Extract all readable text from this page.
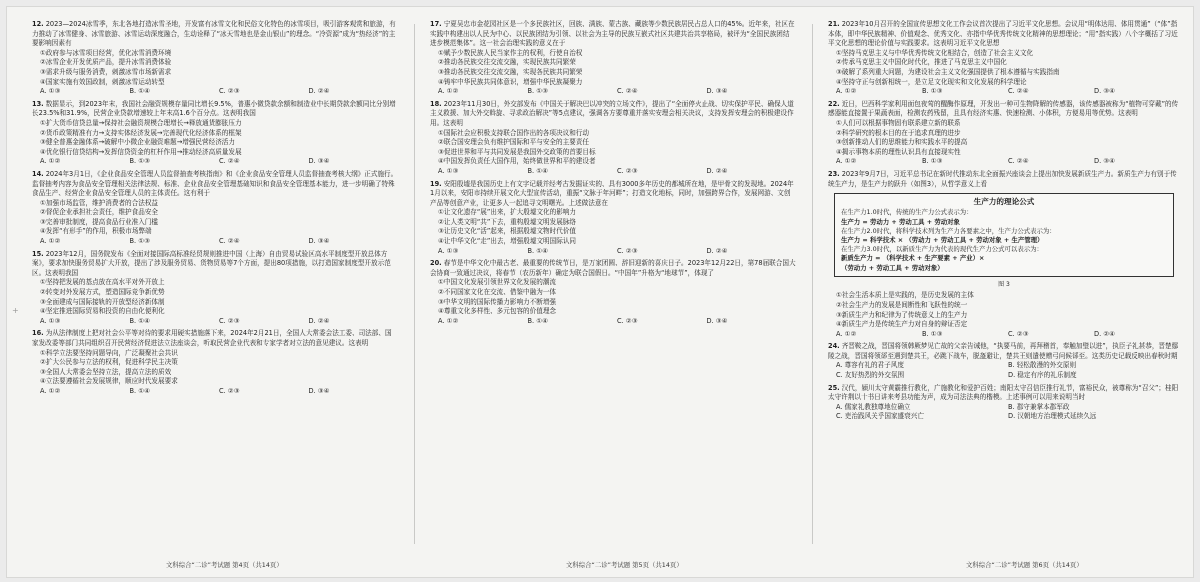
+

12. 2023—2024冰雪季，东北各地打造冰雪圣地，开发富有冰雪文化和民俗文化特色的冰雪项目，吸引游客观赏和旅游，有力推动了冰雪健身、冰雪旅游、冰雪运动深度融合，生动诠释了“冰天雪地也是金山银山”的理念。“冷资源”成为“热经济”的主要影响因素有

①政府参与冰雪项目经营，优化冰雪消费环境

②冰雪企业开发优质产品，提升冰雪消费体验

③需求升级与服务消费，刺激冰雪市场新需求

④国家实施有效国政制，刺激冰雪运动转型

A. ①③	B. ①④	C. ②③	D. ②④

13. 数据显示，到2023年末，我国社会融资规模存量同比增长9.5%，普惠小微贷款余额和制造业中长期贷款余额同比分别增长23.5%和31.9%，民营企业贷款增速较上年末高1.6个百分点。这表明我国

①扩大货币信贷总量→保持社会融资规模合理增长→释放通货膨胀压力

②货币政策精准有力→支持实体经济发展→完善现代化经济体系的框架

③健全普惠金融体系→破解中小微企业融资难题→增强民营经济活力

④优化银行信贷结构→发挥信贷资金的杠杆作用→推动经济高质量发展

A. ①②	B. ①③	C. ②④	D. ③④

14. 2024年3月1日，《企业食品安全管理人员监督抽查考核指南》和《企业食品安全管理人员监督抽查考核大纲》正式施行。监督抽考内容为食品安全管理相关法律法规、标准、企业食品安全管理基础知识和食品安全管理基本能力，进一步明确了特殊食品生产、经营企业食品安全管理人员的主体责任。这有利于

①加强市场监管，维护消费者的合法权益

②督促企业承担社会责任，维护食品安全

③完善审批制度，提高食品行业准入门槛

④发挥“有形手”的作用，积极市场弊端

A. ①②	B. ①③	C. ②④	D. ③④

15. 2023年12月，国务院发布《全面对接国际高标准经贸规则推进中国（上海）自由贸易试验区高水平制度型开放总体方案》，要求加快服务贸易扩大开放，提出了涉及服务贸易、货物贸易等7个方面，提出80项措施，以打造国家制度型开放示范区。这表明我国

①坚持把发展的基点放在高水平对外开放上

②转变对外发展方式，塑造国际竞争新优势

③全面建成与国际接轨的开放型经济新体制

④坚定推进国际贸易和投资的自由化便利化

A. ①③	B. ①④	C. ②③	D. ②④

16. 为从法律制度上把对社会公平等对待的要求用硬实措施落下来，2024年2月21日，全国人大常委会法工委、司法部、国家发改委等部门共同组织召开民营经济促进法立法座谈会，听取民营企业代表和专家学者对立法的意见建议。这表明

①科学立法要坚持问题导向，广泛凝聚社会共识

②扩大公民参与立法的权利，促进科学民主决策

③全国人大常委会坚持立法，提高立法的质效

④立法要遵循社会发展规律，顺应时代发展要求

A. ①②	B. ①④	C. ②③	D. ③④

17. 宁夏吴忠市金花园社区是一个多民族社区，回族、满族、蒙古族、藏族等少数民族居民占总人口的45%。近年来，社区在实践中构建出以人民为中心、以民族团结为引领、以社会为主导的民族互嵌式社区共建共治共享格局，被评为“全国民族团结进步模范集体”。这一社会治理实践的意义在于

①赋予少数民族人民当家作主的权利，行使自治权

②推动各民族交往交流交融，实现民族共同繁荣

③推动各民族交往交流交融，实现各民族共同繁荣

④铸牢中华民族共同体意识，增强中华民族凝聚力

A. ①②	B. ①③	C. ②④	D. ③④

18. 2023年11月30日，外交部发布《中国关于解决巴以冲突的立场文件》，提出了“全面停火止战、切实保护平民、确保人道主义救援、加大外交斡旋、寻求政治解决”等5点建议，强调各方要尊重并落实安理会相关决议，支持发挥安理会的积极建设作用。这表明

①国际社会应积极支持联合国作出的各项决议和行动

②联合国安理会负有维护国际和平与安全的主要责任

③促进世界和平与共同发展是我国外交政策的首要目标

④中国发挥负责任大国作用，始终做世界和平的建设者

A. ①③	B. ①④	C. ②③	D. ②④

19. 安阳殷墟是我国历史上有文字记载并经考古发掘证实的、具有3000多年历史的都城所在地，是甲骨文的发现地。2024年1月以来，安阳市持续开展文化大型宣传活动，重振“文脉于年河畔”；打造文化地标，同时，加强跨界合作，发展网游、文创产品等创意产业，让更多人一起追寻文明曙光。上述做法意在

①让文化遗存“展”出来，扩大殷墟文化的影响力

②让人类文明“共”下去，重构殷墟文明发展脉络

③让历史文化“活”起来，根据殷墟文物时代价值

④让中华文化“走”出去，增强殷墟文明国际认同

A. ①③	B. ①④	C. ②③	D. ②④

20. 春节是中华文化中最古老、最重要的传统节日，是万家团圆、辞旧迎新的喜庆日子。2023年12月22日，第78届联合国大会协商一致通过决议，将春节（农历新年）确定为联合国假日。“中国年”升格为“地球节”，体现了

①中国文化发展引领世界文化发展的潮流

②不同国家文化在交流、借鉴中融为一体

③中华文明的国际传播力影响力不断增强

④尊重文化多样性、多元包容的价值理念

A. ①②	B. ①④	C. ②③	D. ③④

21. 2023年10月召开的全国宣传思想文化工作会议首次提出了习近平文化思想。会议用“明体达用、体用贯通”（“体”指本体，即中华民族精神、价值观念、优秀文化、亦指中华优秀传统文化精神的思想理论；“用”指实践）八个字概括了习近平文化思想的理论价值与实践要求。这表明习近平文化思想

①坚持马克思主义与中华优秀传统文化相结合，创造了社会主义文化

②传承马克思主义中国化时代化，推进了马克思主义中国化

③破解了系列重大问题，为建设社会主义文化强国提供了根本遵循与实践指南

④坚持守正与创新相统一，是立足文化现实和文化发展的科学理论

A. ①②	B. ①③	C. ②④	D. ③④

22. 近日，巴西科学家利用面包夜莺的醒酶作原理，开发出一种可生物降解的传感器，该传感器被称为“植物可穿戴”的传感器能直接置于果蔬表面，检测农药残留，且具有经济实惠、快速检测、小体积，方便易用等优势。这表明

①人们可以根据事物固有联系建立新的联系

②科学研究的根本目的在于追求真理的进步

③创新推动人们的思维能力和实践水平的提高

④揭示事物本质的理性认识具有直接现实性

A. ①②	B. ①③	C. ②④	D. ③④

23. 2023年9月7日，习近平总书记在新时代推动东北全面振兴座谈会上提出加快发展新质生产力。新质生产力有别于传统生产力，是生产力的跃升（如图3），从哲学意义上看

生产力的理论公式

在生产力1.0时代，传统的生产力公式表示为：

生产力 = 劳动力 + 劳动工具 + 劳动对象

在生产力2.0时代，将科学技术列为生产力各要素之中，生产力公式表示为：

生产力 = 科学技术 × （劳动力 + 劳动工具 + 劳动对象 + 生产管理）

在生产力3.0时代，以新质生产力为代表的现代生产力公式可以表示为：

新质生产力 = （科学技术 + 生产要素 + 产业）×

（劳动力 + 劳动工具 + 劳动对象）

图 3

①社会生活本质上是实践的，是历史发展的主体

②社会生产力的发展是间断性和飞跃性的统一

③新质生产力和纪律为了传统意义上的生产力

④新质生产力是传统生产力对自身的辩证否定

A. ①②	B. ①③	C. ②③	D. ②④

24. 齐晋鞍之战，晋国将领韩厥梦见亡故的父亲告诫他，“执要马前，再拜稽首，奉触加璧以进”，执臣子礼甚恭，晋楚鄢陵之战，晋国将领郤至遇到楚共王，必跳下战车，脱盔避让，楚共王则遣使赠弓问候郤至。这类历史记载反映出春秋时期

A. 尊容有礼的君子风度	B. 轻松散漫的外交原则
C. 友好热烈的外交氛围	D. 稳定有序的礼乐制度

25. 汉代，颍川太守黄霸推行教化，广施教化和爱护百姓；南阳太守召信臣推行礼节，富裕民众，被尊称为“召父”；桂阳太守许荆以十书日讲来考县功能为声，成为司法法典的楷模。上述事例可以用来说明当时

A. 儒家礼教独尊地位确立	B. 郡守兼掌本郡军政
C. 吏治践风关乎国家盛衰兴亡	D. 汉朝地方治理模式延续久远
文科综合“二诊”考试题 第4页（共14页）	文科综合“二诊”考试题 第5页（共14页）	文科综合“二诊”考试题 第6页（共14页）
